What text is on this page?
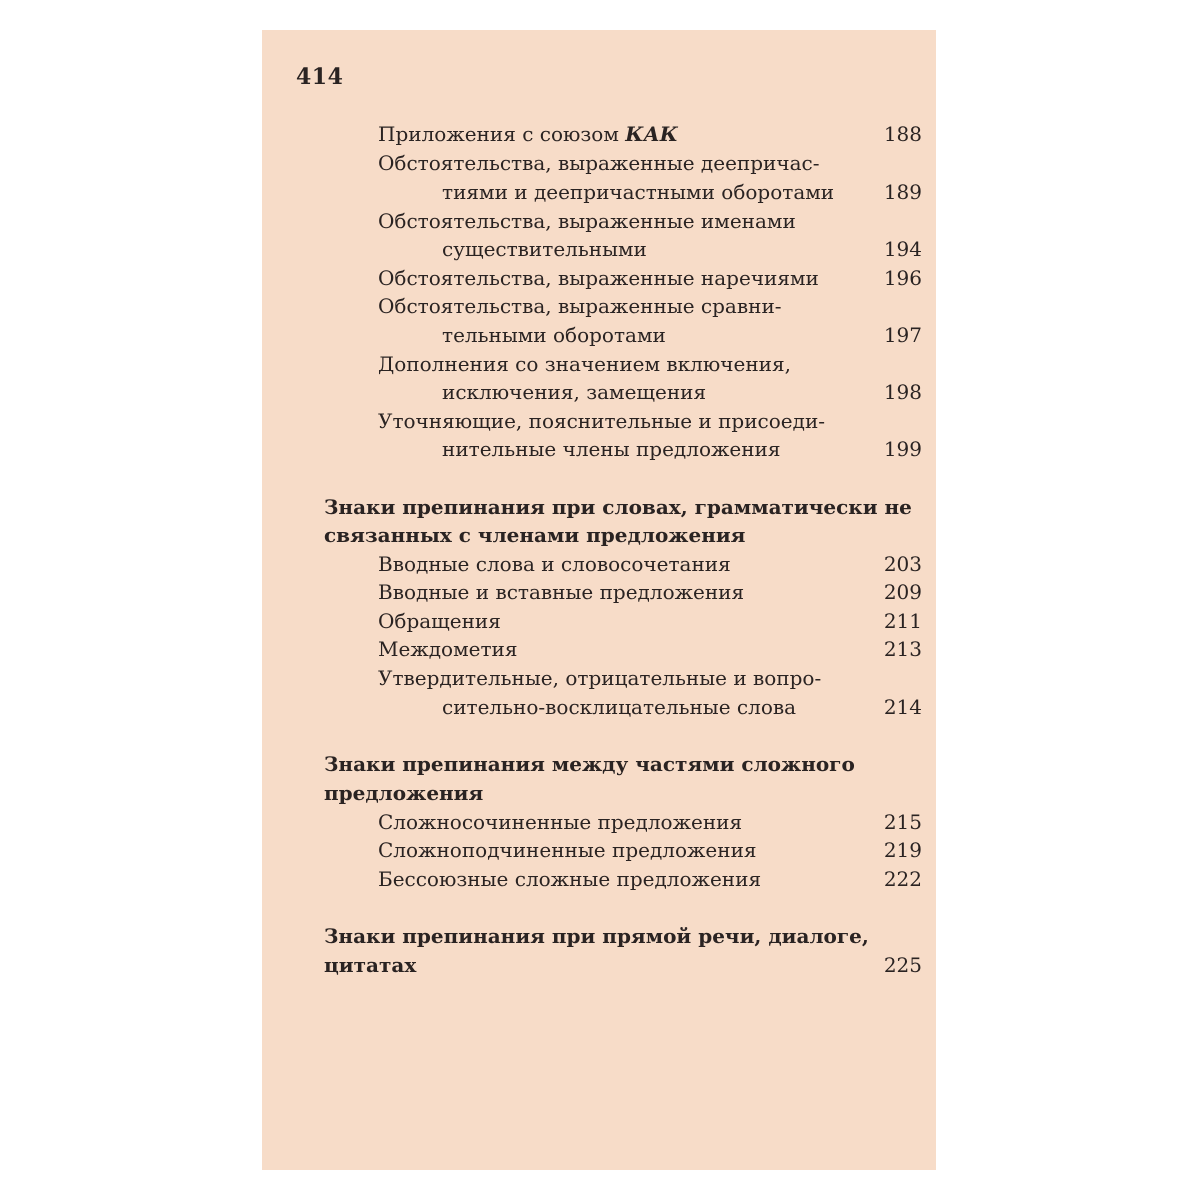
414
Приложения с союзом КАК	188
Обстоятельства, выраженные деепричас-
тиями и деепричастными оборотами 189
Обстоятельства, выраженные именами
существительными	194
Обстоятельства, выраженные наречиями	196
Обстоятельства, выраженные сравни-
тельными оборотами	197
Дополнения со значением включения,
исключения, замещения	198
Уточняющие, пояснительные и присоеди-
нительные члены предложения	199
Знаки препинания при словах, грамматически не
связанных с членами предложения
Вводные слова и словосочетания	203
Вводные и вставные предложения	209
Обращения	211
Междометия	213
Утвердительные, отрицательные и вопро-
сительно-восклицательные слова	214
Знаки препинания между частями сложного
предложения
Сложносочиненные предложения	215
Сложноподчиненные предложения	219
Бессоюзные сложные предложения	222
Знаки препинания при прямой речи, диалоге,
цитатах	225
